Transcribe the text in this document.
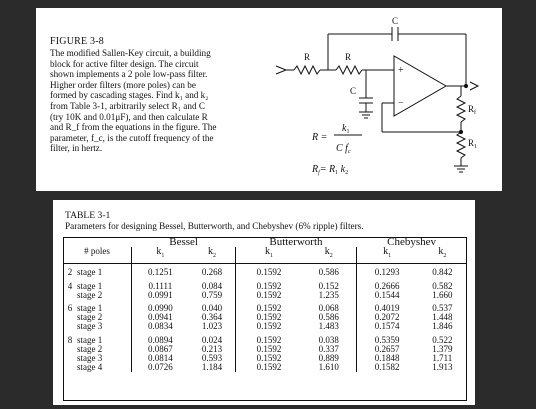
FIGURE 3-8
The modified Sallen-Key circuit, a building
block for active filter design. The circuit
shown implements a 2 pole low-pass filter.
Higher order filters (more poles) can be
formed by cascading stages. Find k₁ and k₂
from Table 3-1, arbitrarily select R₁ and C
(try 10K and 0.01μF), and then calculate R
and R_f from the equations in the figure. The
parameter, f_c, is the cutoff frequency of the
filter, in hertz.
C
R	R
C
+
−	$R_f$
$R_1$
R =
$k_1$
C $f_c$
$R_f= R_1$ $k_2$
TABLE 3-1
Parameters for designing Bessel, Butterworth, and Chebyshev (6% ripple) filters.
		Bessel		Butterworth		Chebyshev	
# poles		$k_1$	$k_2$	$k_1$	$k_2$	$k_1$	$k_2$
2	stage 1	0.1251	0.268	0.1592	0.586	0.1293	0.842
4	stage 1	0.1111	0.084	0.1592	0.152	0.2666	0.582
	stage 2	0.0991	0.759	0.1592	1.235	0.1544	1.660
6	stage 1	0.0990	0.040	0.1592	0.068	0.4019	0.537
	stage 2	0.0941	0.364	0.1592	0.586	0.2072	1.448
	stage 3	0.0834	1.023	0.1592	1.483	0.1574	1.846
8	stage 1	0.0894	0.024	0.1592	0.038	0.5359	0.522
	stage 2	0.0867	0.213	0.1592	0.337	0.2657	1.379
	stage 3	0.0814	0.593	0.1592	0.889	0.1848	1.711
	stage 4	0.0726	1.184	0.1592	1.610	0.1582	1.913
